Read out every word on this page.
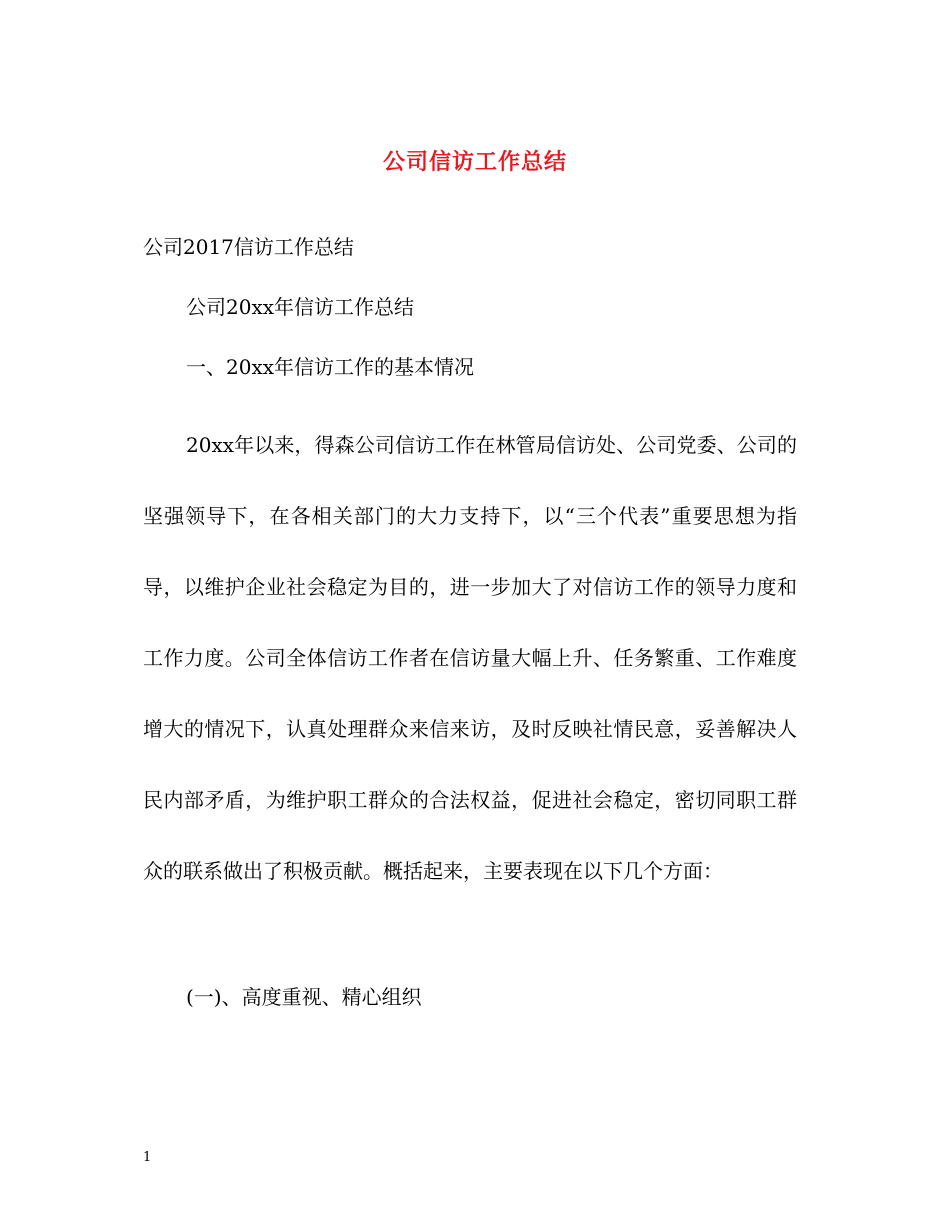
公司信访工作总结
公司2017信访工作总结
公司20xx年信访工作总结
一、20xx年信访工作的基本情况

20xx年以来，得森公司信访工作在林管局信访处、公司党委、公司的坚强领导下，在各相关部门的大力支持下，以“三个代表”重要思想为指导，以维护企业社会稳定为目的，进一步加大了对信访工作的领导力度和工作力度。公司全体信访工作者在信访量大幅上升、任务繁重、工作难度增大的情况下，认真处理群众来信来访，及时反映社情民意，妥善解决人民内部矛盾，为维护职工群众的合法权益，促进社会稳定，密切同职工群众的联系做出了积极贡献。概括起来，主要表现在以下几个方面：

(一)、高度重视、精心组织
1
